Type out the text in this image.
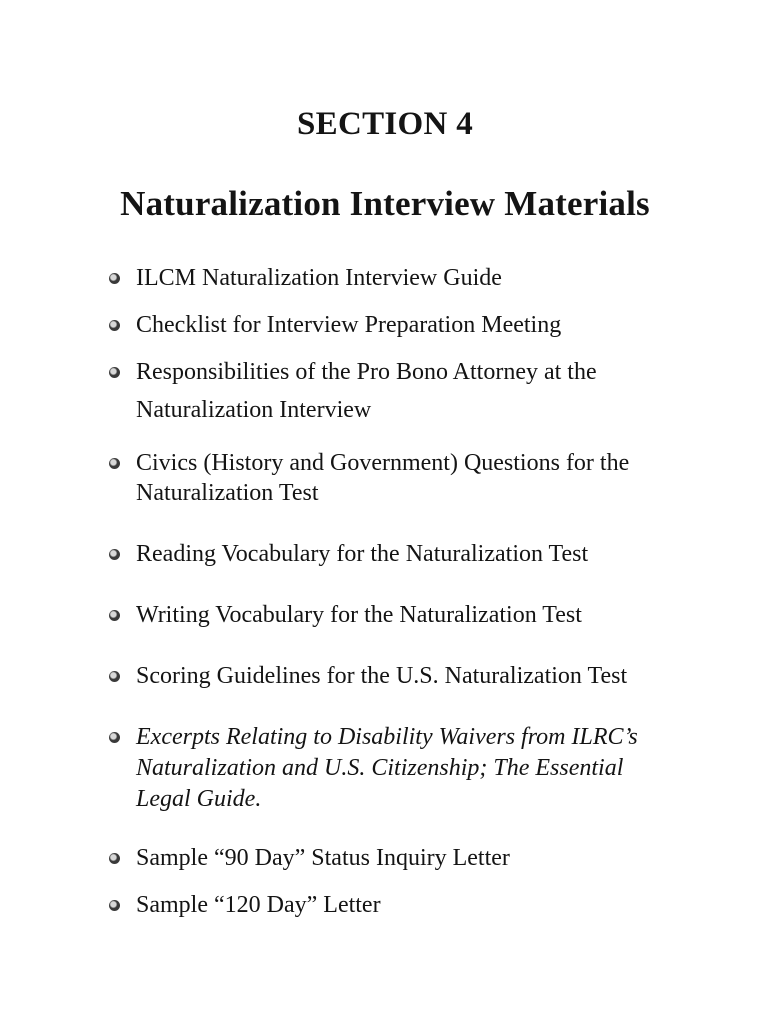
SECTION 4
Naturalization Interview Materials
ILCM Naturalization Interview Guide
Checklist for Interview Preparation Meeting
Responsibilities of the Pro Bono Attorney at the
Naturalization Interview
Civics (History and Government) Questions for the
Naturalization Test
Reading Vocabulary for the Naturalization Test
Writing Vocabulary for the Naturalization Test
Scoring Guidelines for the U.S. Naturalization Test
Excerpts Relating to Disability Waivers from ILRC’s
Naturalization and U.S. Citizenship; The Essential
Legal Guide.
Sample “90 Day” Status Inquiry Letter
Sample “120 Day” Letter
